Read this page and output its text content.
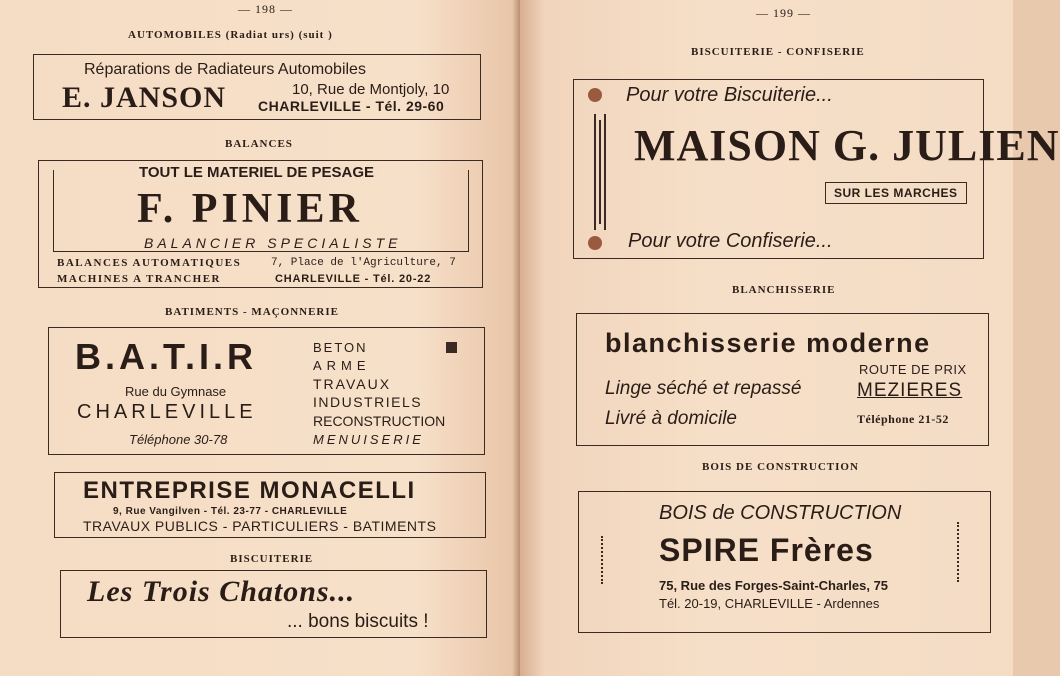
— 198 —
AUTOMOBILES (Radiat urs) (suit )
Réparations de Radiateurs Automobiles
E. JANSON	10, Rue de Montjoly, 10
CHARLEVILLE - Tél. 29-60
BALANCES
TOUT LE MATERIEL DE PESAGE
F. PINIER
BALANCIER SPECIALISTE
BALANCES AUTOMATIQUES
MACHINES A TRANCHER
7, Place de l'Agriculture, 7
CHARLEVILLE - Tél. 20-22
BATIMENTS - MAÇONNERIE
B.A.T.I.R
Rue du Gymnase
CHARLEVILLE
Téléphone 30-78
BETON
ARME
TRAVAUX
INDUSTRIELS
RECONSTRUCTION
MENUISERIE
ENTREPRISE MONACELLI
9, Rue Vangilven - Tél. 23-77 - CHARLEVILLE
TRAVAUX PUBLICS - PARTICULIERS - BATIMENTS
BISCUITERIE
Les Trois Chatons...
... bons biscuits !
— 199 —
BISCUITERIE - CONFISERIE
Pour votre Biscuiterie...
MAISON G. JULIEN
SUR LES MARCHES
Pour votre Confiserie...
BLANCHISSERIE
blanchisserie moderne
Linge séché et repassé
Livré à domicile
ROUTE DE PRIX
MEZIERES
Téléphone 21-52
BOIS DE CONSTRUCTION
BOIS de CONSTRUCTION
SPIRE Frères
75, Rue des Forges-Saint-Charles, 75
Tél. 20-19, CHARLEVILLE - Ardennes
